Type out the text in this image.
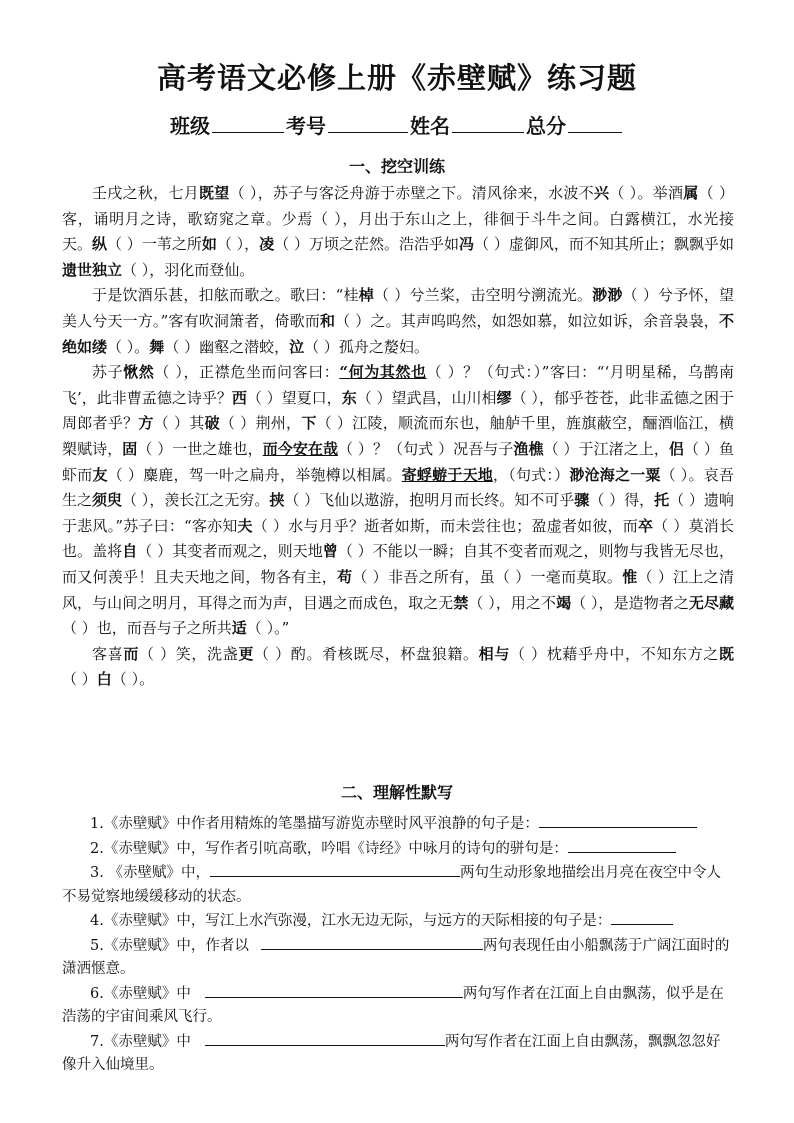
高考语文必修上册《赤壁赋》练习题
班级	考号	姓名	总分
一、挖空训练

壬戌之秋，七月既望（ ），苏子与客泛舟游于赤壁之下。清风徐来，水波不兴（ ）。举酒属（ ）客，诵明月之诗，歌窈窕之章。少焉（ ），月出于东山之上，徘徊于斗牛之间。白露横江，水光接天。纵（ ）一苇之所如（ ），凌（ ）万顷之茫然。浩浩乎如冯（ ）虚御风，而不知其所止；飘飘乎如遗世独立（ ），羽化而登仙。

于是饮酒乐甚，扣舷而歌之。歌曰：“桂棹（ ）兮兰桨，击空明兮溯流光。渺渺（ ）兮予怀，望美人兮天一方。”客有吹洞箫者，倚歌而和（ ）之。其声呜呜然，如怨如慕，如泣如诉，余音袅袅，不绝如缕（ ）。舞（ ）幽壑之潜蛟，泣（ ）孤舟之嫠妇。

苏子愀然（ ），正襟危坐而问客曰：“何为其然也（ ）？（句式：）”客曰：“‘月明星稀，乌鹊南飞’，此非曹孟德之诗乎？西（ ）望夏口，东（ ）望武昌，山川相缪（ ），郁乎苍苍，此非孟德之困于周郎者乎？方（ ）其破（ ）荆州，下（ ）江陵，顺流而东也，舳舻千里，旌旗蔽空，酾酒临江，横槊赋诗，固（ ）一世之雄也，而今安在哉（ ）？（句式 ）况吾与子渔樵（ ）于江渚之上，侣（ ）鱼虾而友（ ）麋鹿，驾一叶之扁舟，举匏樽以相属。寄蜉蝣于天地，（句式：）渺沧海之一粟（ ）。哀吾生之须臾（ ），羡长江之无穷。挟（ ）飞仙以遨游，抱明月而长终。知不可乎骤（ ）得，托（ ）遗响于悲风。”苏子曰：“客亦知夫（ ）水与月乎？逝者如斯，而未尝往也；盈虚者如彼，而卒（ ）莫消长也。盖将自（ ）其变者而观之，则天地曾（ ）不能以一瞬；自其不变者而观之，则物与我皆无尽也，而又何羡乎！且夫天地之间，物各有主，苟（ ）非吾之所有，虽（ ）一毫而莫取。惟（ ）江上之清风，与山间之明月，耳得之而为声，目遇之而成色，取之无禁（ ），用之不竭（ ），是造物者之无尽藏（ ）也，而吾与子之所共适（ ）。”

客喜而（ ）笑，洗盏更（ ）酌。肴核既尽，杯盘狼籍。相与（ ）枕藉乎舟中，不知东方之既（ ）白（ ）。

二、理解性默写

1.《赤壁赋》中作者用精炼的笔墨描写游览赤壁时风平浪静的句子是：

2.《赤壁赋》中，写作者引吭高歌，吟唱《诗经》中咏月的诗句的骈句是：

3. 《赤壁赋》中，	两句生动形象地描绘出月亮在夜空中令人不易觉察地缓缓移动的状态。

4.《赤壁赋》中，写江上水汽弥漫，江水无边无际，与远方的天际相接的句子是：

5.《赤壁赋》中，作者以	两句表现任由小船飘荡于广阔江面时的潇洒惬意。

6.《赤壁赋》中	两句写作者在江面上自由飘荡，似乎是在浩荡的宇宙间乘风飞行。

7.《赤壁赋》中	两句写作者在江面上自由飘荡，飘飘忽忽好像升入仙境里。
